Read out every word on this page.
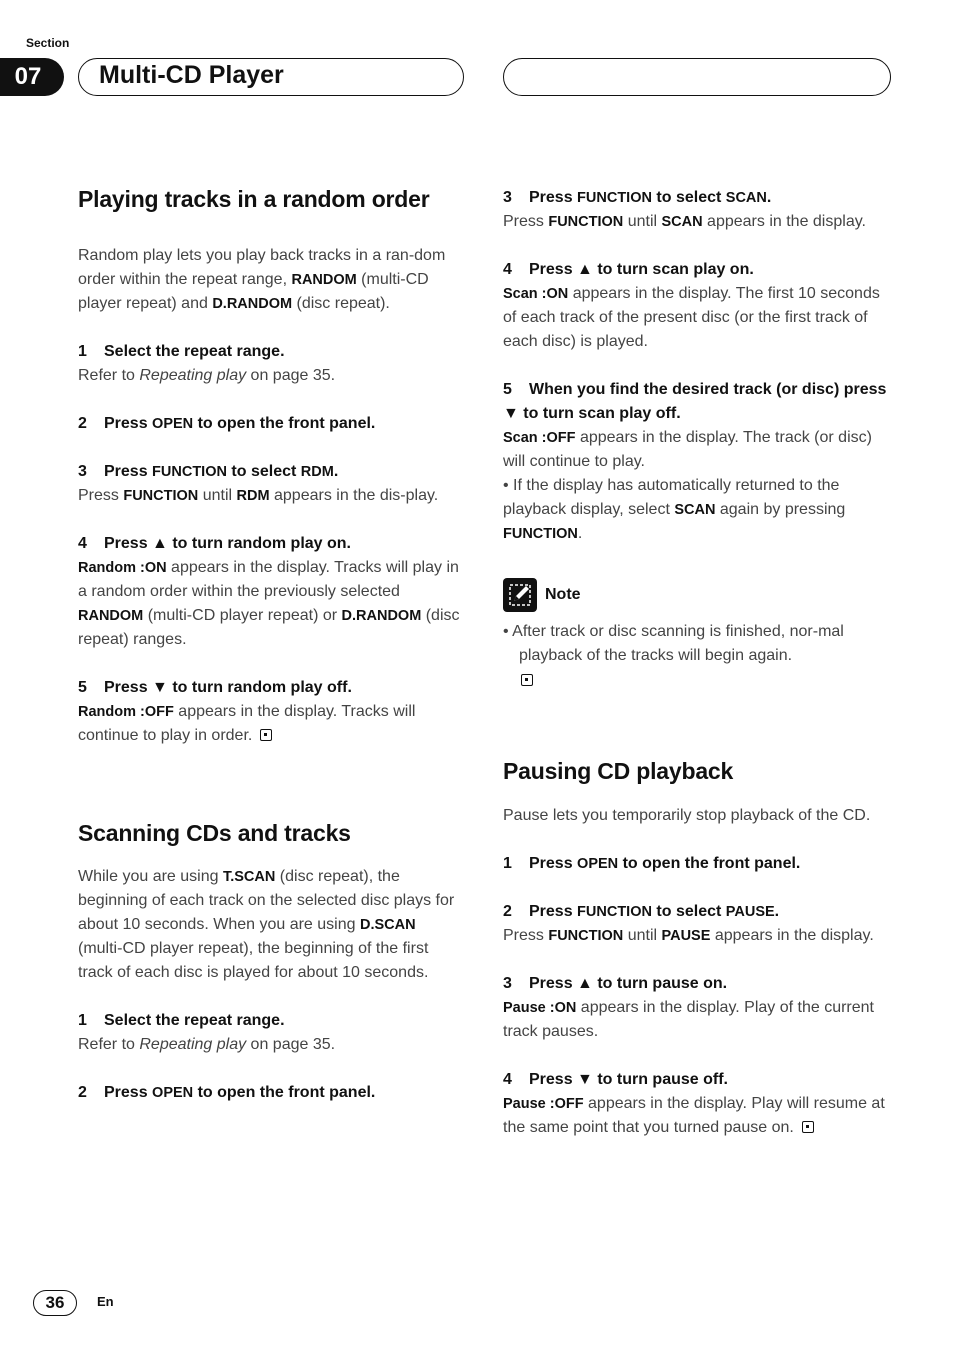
Section
07	Multi-CD Player
Playing tracks in a random order

Random play lets you play back tracks in a ran-dom order within the repeat range, RANDOM (multi-CD player repeat) and D.RANDOM (disc repeat).

1 Select the repeat range.

Refer to Repeating play on page 35.

2 Press OPEN to open the front panel.

3 Press FUNCTION to select RDM.

Press FUNCTION until RDM appears in the dis-play.

4 Press ▲ to turn random play on.

Random :ON appears in the display. Tracks will play in a random order within the previously selected RANDOM (multi-CD player repeat) or D.RANDOM (disc repeat) ranges.

5 Press ▼ to turn random play off.

Random :OFF appears in the display. Tracks will continue to play in order.

Scanning CDs and tracks

While you are using T.SCAN (disc repeat), the beginning of each track on the selected disc plays for about 10 seconds. When you are using D.SCAN (multi-CD player repeat), the beginning of the first track of each disc is played for about 10 seconds.

1 Select the repeat range.

Refer to Repeating play on page 35.

2 Press OPEN to open the front panel.

3 Press FUNCTION to select SCAN.

Press FUNCTION until SCAN appears in the display.

4 Press ▲ to turn scan play on.

Scan :ON appears in the display. The first 10 seconds of each track of the present disc (or the first track of each disc) is played.

5 When you find the desired track (or disc) press ▼ to turn scan play off.

Scan :OFF appears in the display. The track (or disc) will continue to play.

• If the display has automatically returned to the playback display, select SCAN again by pressing FUNCTION.

Note

• After track or disc scanning is finished, nor-mal playback of the tracks will begin again.

Pausing CD playback

Pause lets you temporarily stop playback of the CD.

1 Press OPEN to open the front panel.

2 Press FUNCTION to select PAUSE.

Press FUNCTION until PAUSE appears in the display.

3 Press ▲ to turn pause on.

Pause :ON appears in the display. Play of the current track pauses.

4 Press ▼ to turn pause off.

Pause :OFF appears in the display. Play will resume at the same point that you turned pause on.

36	En
